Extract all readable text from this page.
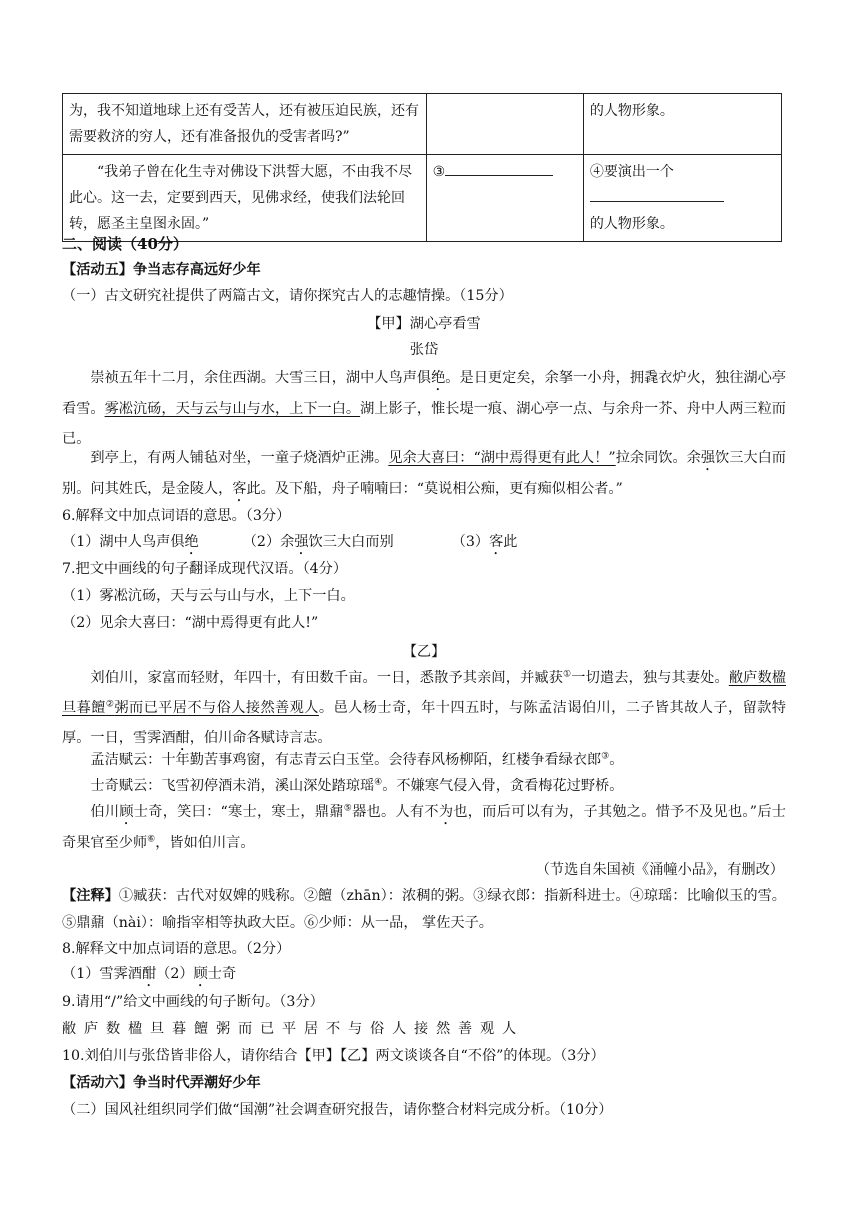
为，我不知道地球上还有受苦人，还有被压迫民族，还有需要救济的穷人，还有准备报仇的受害者吗?”		的人物形象。
“我弟子曾在化生寺对佛设下洪誓大愿，不由我不尽此心。这一去，定要到西天，见佛求经，使我们法轮回转，愿圣主皇图永固。”	③	④要演出一个

的人物形象。
二、阅读（40分）
【活动五】争当志存高远好少年
（一）古文研究社提供了两篇古文，请你探究古人的志趣情操。（15分）
【甲】湖心亭看雪
张岱
崇祯五年十二月，余住西湖。大雪三日，湖中人鸟声俱绝。是日更定矣，余拏一小舟，拥毳衣炉火，独往湖心亭看雪。雾凇沆砀，天与云与山与水，上下一白。湖上影子，惟长堤一痕、湖心亭一点、与余舟一芥、舟中人两三粒而已。
到亭上，有两人铺毡对坐，一童子烧酒炉正沸。见余大喜曰：“湖中焉得更有此人！”拉余同饮。余强饮三大白而别。问其姓氏，是金陵人，客此。及下船，舟子喃喃曰：“莫说相公痴，更有痴似相公者。”
6.解释文中加点词语的意思。（3分）
（1）湖中人鸟声俱绝	（2）余强饮三大白而别	（3）客此
7.把文中画线的句子翻译成现代汉语。（4分）
（1）雾凇沆砀，天与云与山与水，上下一白。
（2）见余大喜曰：“湖中焉得更有此人!”
【乙】
刘伯川，家富而轻财，年四十，有田数千亩。一日，悉散予其亲闾，并臧获①一切遣去，独与其妻处。敝庐数楹旦暮饘②粥而已平居不与俗人接然善观人。邑人杨士奇，年十四五时，与陈孟洁谒伯川，二子皆其故人子，留款特厚。一日，雪霁酒酣，伯川命各赋诗言志。
孟洁赋云：十年勤苦事鸡窗，有志青云白玉堂。会待春风杨柳陌，红楼争看绿衣郎③。
士奇赋云：飞雪初停酒未消，溪山深处踏琼瑶④。不嫌寒气侵入骨，贪看梅花过野桥。
伯川顾士奇，笑曰：“寒士，寒士，鼎鼐⑤器也。人有不为也，而后可以有为，子其勉之。惜予不及见也。”后士奇果官至少师⑥，皆如伯川言。
（节选自朱国祯《涌幢小品》，有删改）
【注释】①臧获：古代对奴婢的贱称。②饘（zhān）：浓稠的粥。③绿衣郎：指新科进士。④琼瑶：比喻似玉的雪。⑤鼎鼐（nài）：喻指宰相等执政大臣。⑥少师：从一品， 掌佐天子。
8.解释文中加点词语的意思。（2分）
（1）雪霁酒酣（2）顾士奇
9.请用“/”给文中画线的句子断句。（3分）
敝庐数楹旦暮饘粥而已平居不与俗人接然善观人
10.刘伯川与张岱皆非俗人，请你结合【甲】【乙】两文谈谈各自“不俗”的体现。（3分）
【活动六】争当时代弄潮好少年
（二）国风社组织同学们做“国潮”社会调查研究报告，请你整合材料完成分析。（10分）
